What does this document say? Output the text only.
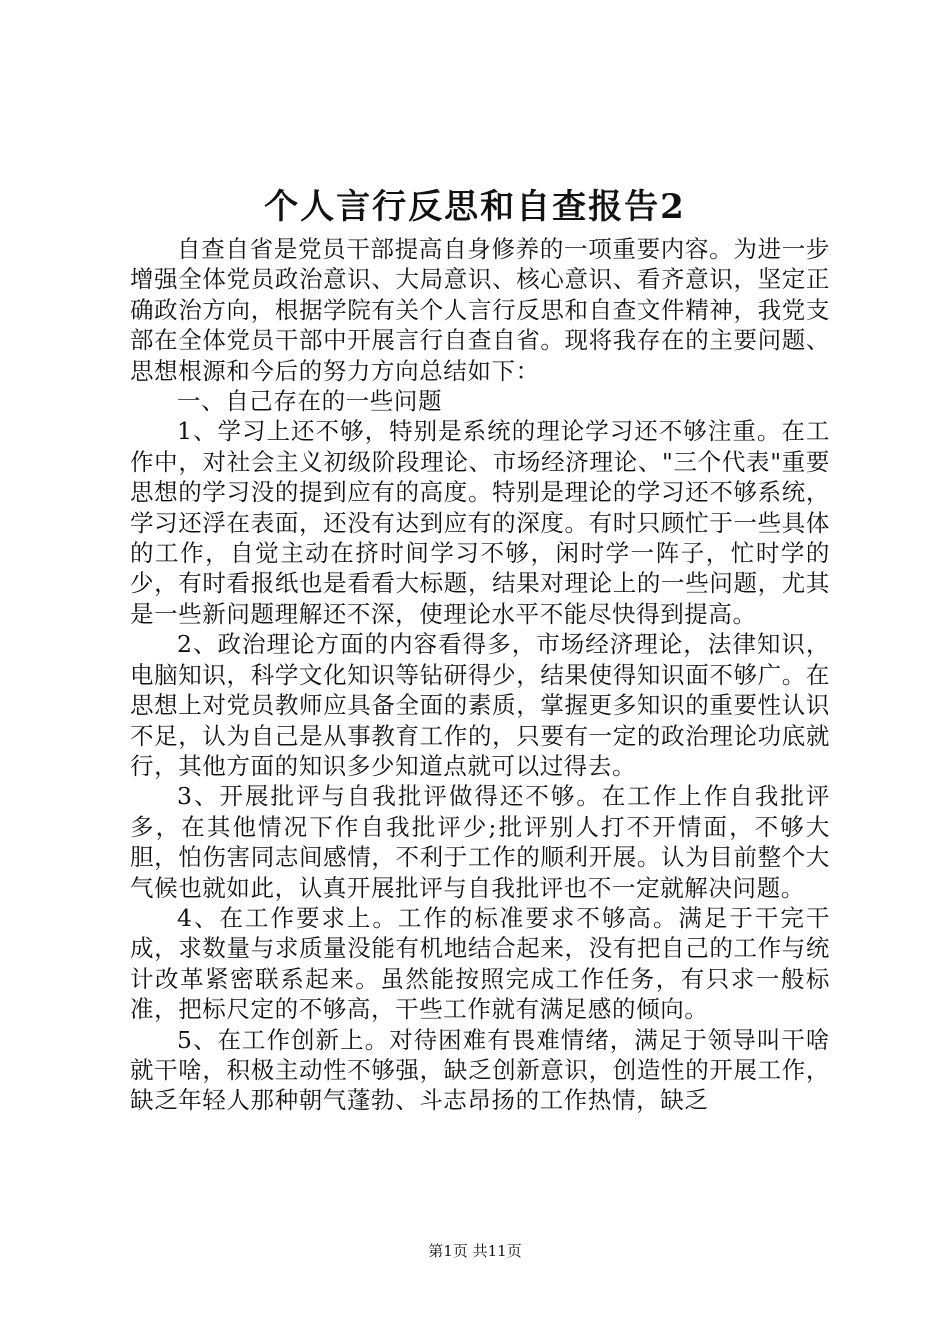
个人言行反思和自查报告2

自查自省是党员干部提高自身修养的一项重要内容。为进一步增强全体党员政治意识、大局意识、核心意识、看齐意识，坚定正确政治方向，根据学院有关个人言行反思和自查文件精神，我党支部在全体党员干部中开展言行自查自省。现将我存在的主要问题、思想根源和今后的努力方向总结如下：

一、自己存在的一些问题

1、学习上还不够，特别是系统的理论学习还不够注重。在工作中，对社会主义初级阶段理论、市场经济理论、"三个代表"重要思想的学习没的提到应有的高度。特别是理论的学习还不够系统，学习还浮在表面，还没有达到应有的深度。有时只顾忙于一些具体的工作，自觉主动在挤时间学习不够，闲时学一阵子，忙时学的少，有时看报纸也是看看大标题，结果对理论上的一些问题，尤其是一些新问题理解还不深，使理论水平不能尽快得到提高。

2、政治理论方面的内容看得多，市场经济理论，法律知识，电脑知识，科学文化知识等钻研得少，结果使得知识面不够广。在思想上对党员教师应具备全面的素质，掌握更多知识的重要性认识不足，认为自己是从事教育工作的，只要有一定的政治理论功底就行，其他方面的知识多少知道点就可以过得去。

3、开展批评与自我批评做得还不够。在工作上作自我批评多，在其他情况下作自我批评少;批评别人打不开情面，不够大胆，怕伤害同志间感情，不利于工作的顺利开展。认为目前整个大气候也就如此，认真开展批评与自我批评也不一定就解决问题。

4、在工作要求上。工作的标准要求不够高。满足于干完干成，求数量与求质量没能有机地结合起来，没有把自己的工作与统计改革紧密联系起来。虽然能按照完成工作任务，有只求一般标准，把标尺定的不够高，干些工作就有满足感的倾向。

5、在工作创新上。对待困难有畏难情绪，满足于领导叫干啥就干啥，积极主动性不够强，缺乏创新意识，创造性的开展工作，缺乏年轻人那种朝气蓬勃、斗志昂扬的工作热情，缺乏

第1页 共11页
